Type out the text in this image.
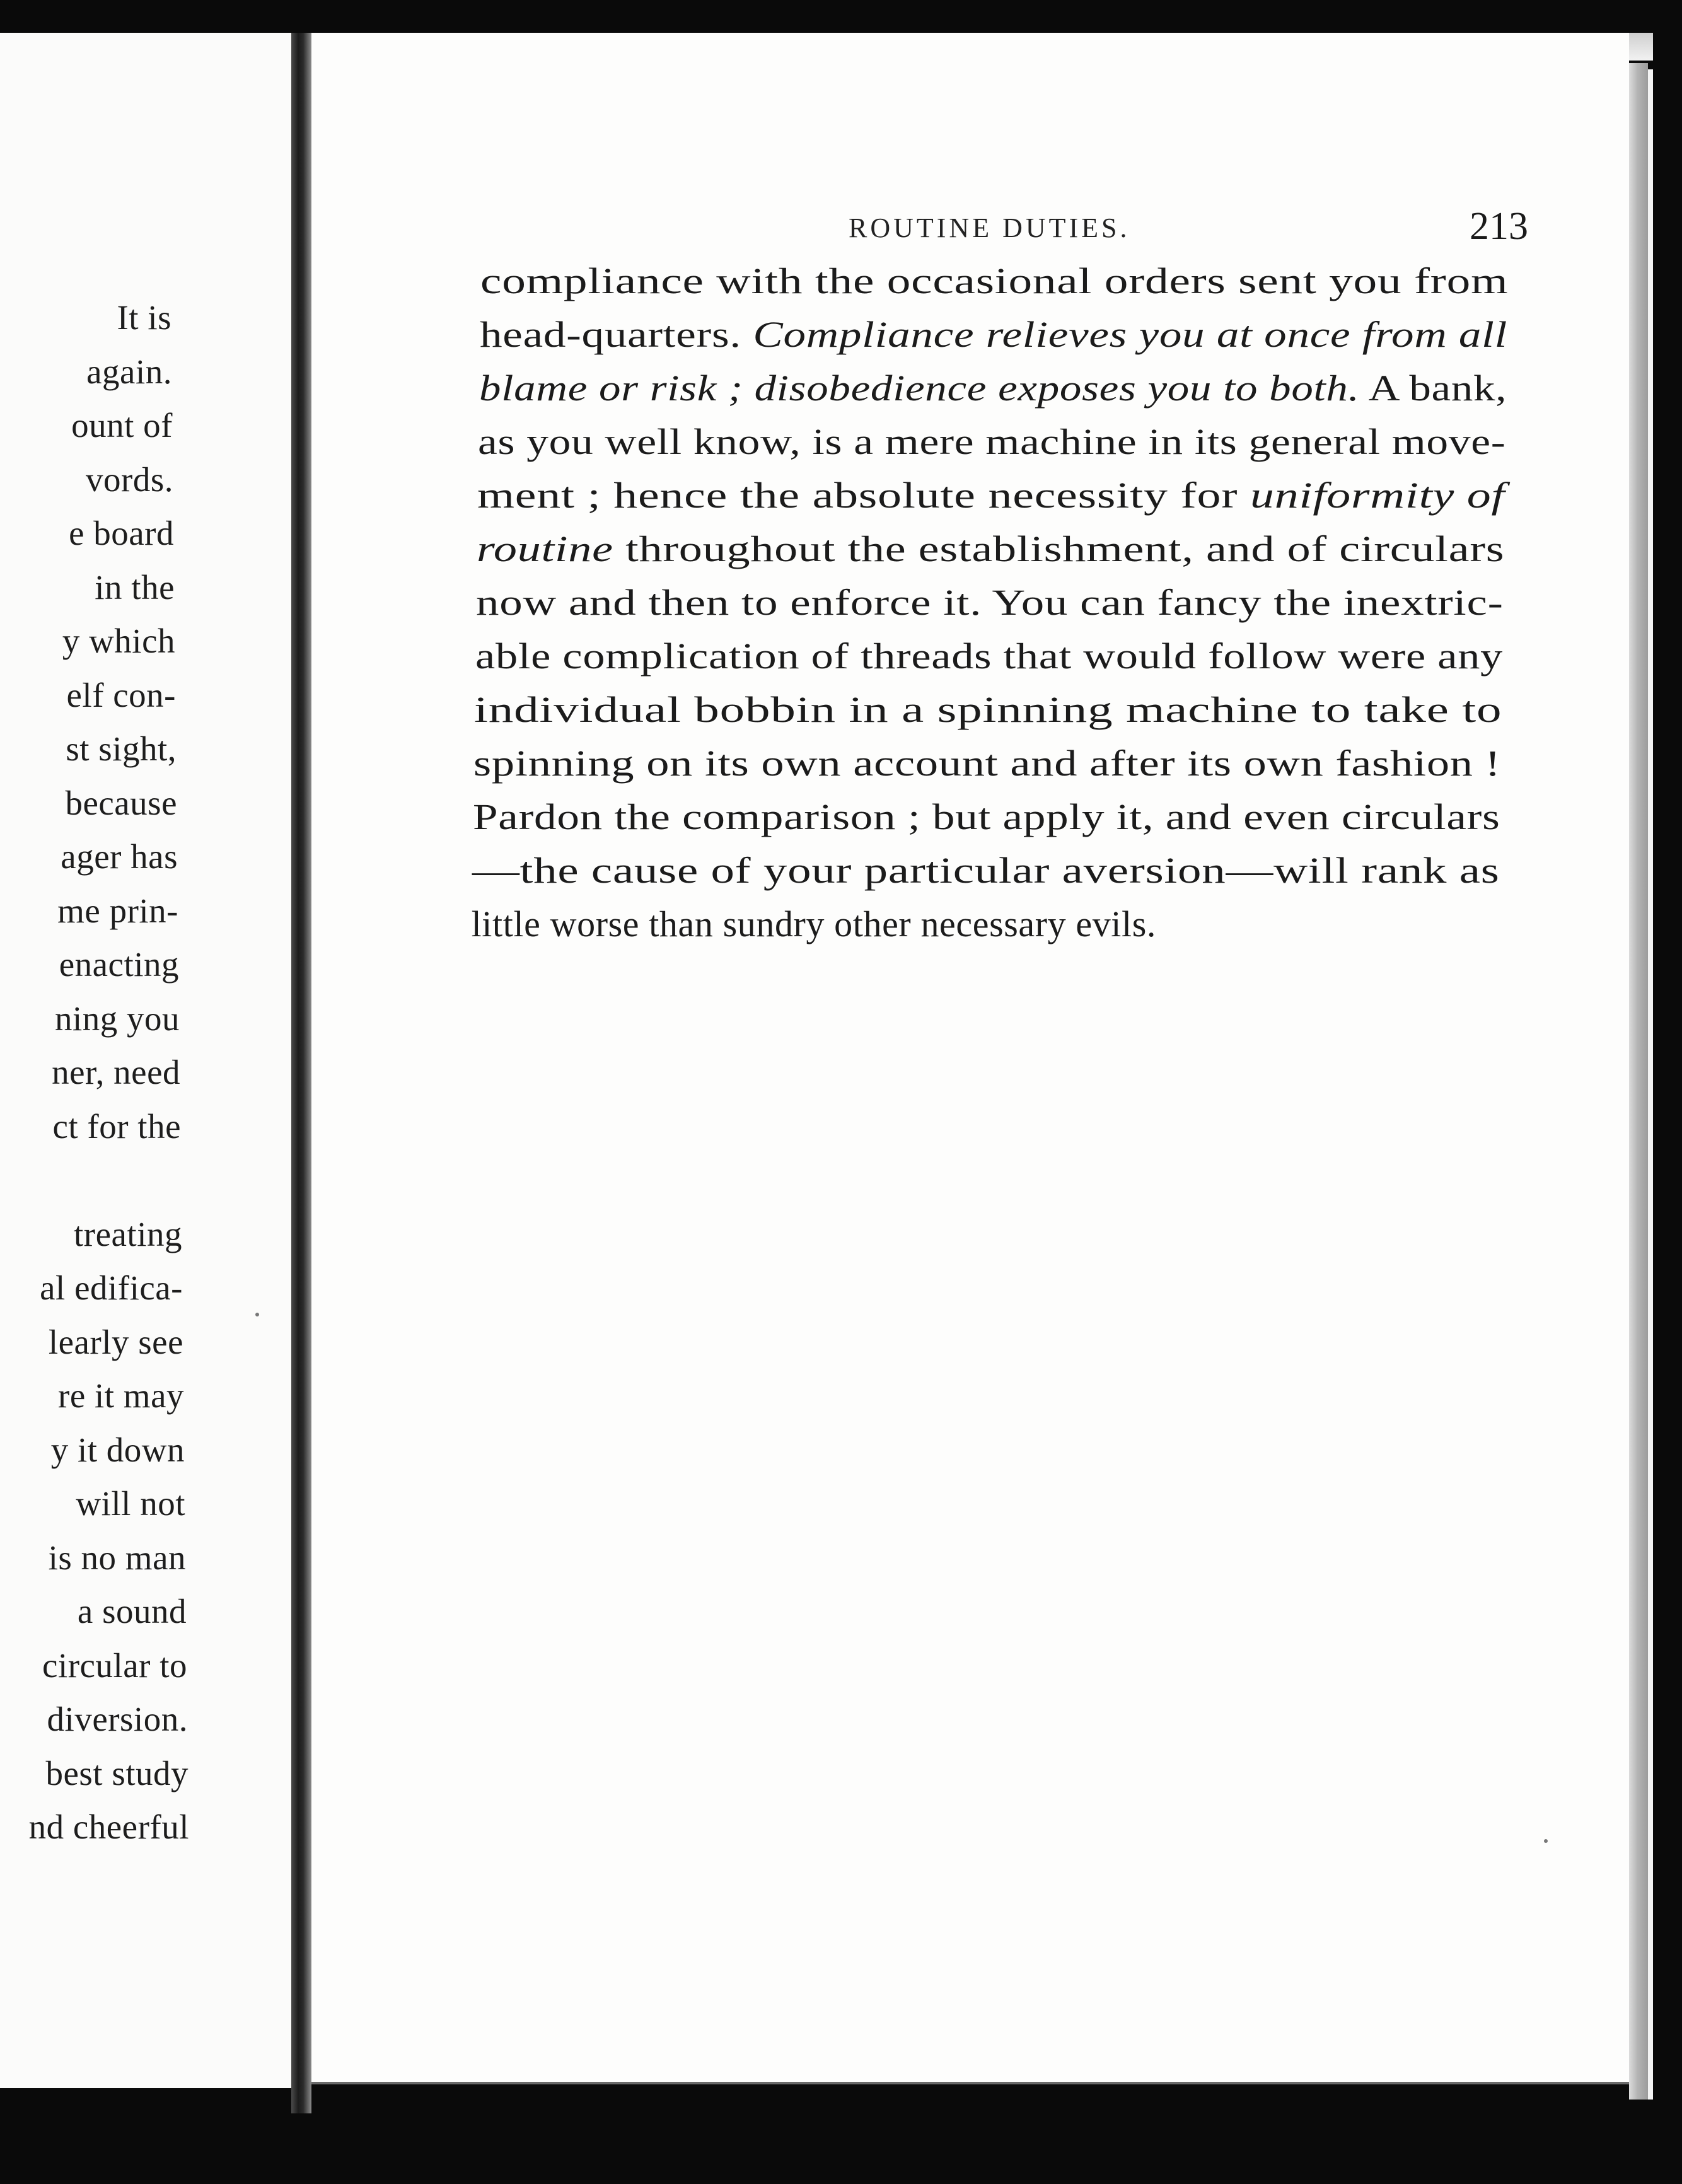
It is
again.
ount of
vords.
e board
in the
y which
elf con-
st sight,
because
ager has
me prin-
enacting
ning you
ner, need
ct for the
treating
al edifica-
learly see
re it may
y it down
will not
is no man
a sound
circular to
diversion.
best study
nd cheerful
ROUTINE DUTIES.	213
compliance with the occasional orders sent you from
head-quarters. Compliance relieves you at once from all
blame or risk ; disobedience exposes you to both. A bank,
as you well know, is a mere machine in its general move-
ment ; hence the absolute necessity for uniformity of
routine throughout the establishment, and of circulars
now and then to enforce it. You can fancy the inextric-
able complication of threads that would follow were any
individual bobbin in a spinning machine to take to
spinning on its own account and after its own fashion !
Pardon the comparison ; but apply it, and even circulars
—the cause of your particular aversion—will rank as
little worse than sundry other necessary evils.
